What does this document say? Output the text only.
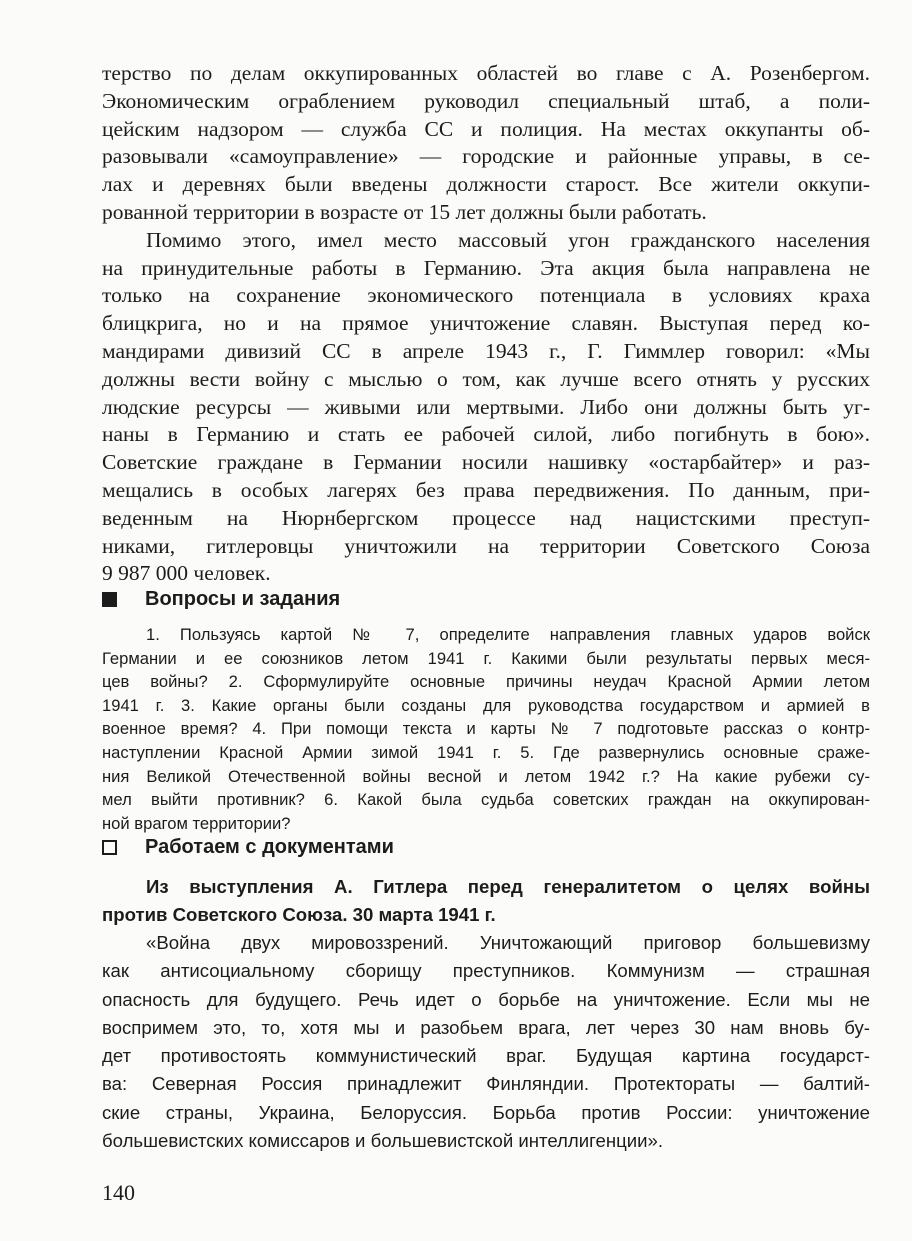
терство по делам оккупированных областей во главе с А. Розенбергом.
Экономическим ограблением руководил специальный штаб, а поли-
цейским надзором — служба СС и полиция. На местах оккупанты об-
разовывали «самоуправление» — городские и районные управы, в се-
лах и деревнях были введены должности старост. Все жители оккупи-
рованной территории в возрасте от 15 лет должны были работать.
Помимо этого, имел место массовый угон гражданского населения
на принудительные работы в Германию. Эта акция была направлена не
только на сохранение экономического потенциала в условиях краха
блицкрига, но и на прямое уничтожение славян. Выступая перед ко-
мандирами дивизий СС в апреле 1943 г., Г. Гиммлер говорил: «Мы
должны вести войну с мыслью о том, как лучше всего отнять у русских
людские ресурсы — живыми или мертвыми. Либо они должны быть уг-
наны в Германию и стать ее рабочей силой, либо погибнуть в бою».
Советские граждане в Германии носили нашивку «остарбайтер» и раз-
мещались в особых лагерях без права передвижения. По данным, при-
веденным на Нюрнбергском процессе над нацистскими преступ-
никами, гитлеровцы уничтожили на территории Советского Союза
9 987 000 человек.
Вопросы и задания
1. Пользуясь картой № 7, определите направления главных ударов войск
Германии и ее союзников летом 1941 г. Какими были результаты первых меся-
цев войны? 2. Сформулируйте основные причины неудач Красной Армии летом
1941 г. 3. Какие органы были созданы для руководства государством и армией в
военное время? 4. При помощи текста и карты № 7 подготовьте рассказ о контр-
наступлении Красной Армии зимой 1941 г. 5. Где развернулись основные сраже-
ния Великой Отечественной войны весной и летом 1942 г.? На какие рубежи су-
мел выйти противник? 6. Какой была судьба советских граждан на оккупирован-
ной врагом территории?
Работаем с документами
Из выступления А. Гитлера перед генералитетом о целях войны
против Советского Союза. 30 марта 1941 г.
«Война двух мировоззрений. Уничтожающий приговор большевизму
как антисоциальному сборищу преступников. Коммунизм — страшная
опасность для будущего. Речь идет о борьбе на уничтожение. Если мы не
воспримем это, то, хотя мы и разобьем врага, лет через 30 нам вновь бу-
дет противостоять коммунистический враг. Будущая картина государст-
ва: Северная Россия принадлежит Финляндии. Протектораты — балтий-
ские страны, Украина, Белоруссия. Борьба против России: уничтожение
большевистских комиссаров и большевистской интеллигенции».
140
